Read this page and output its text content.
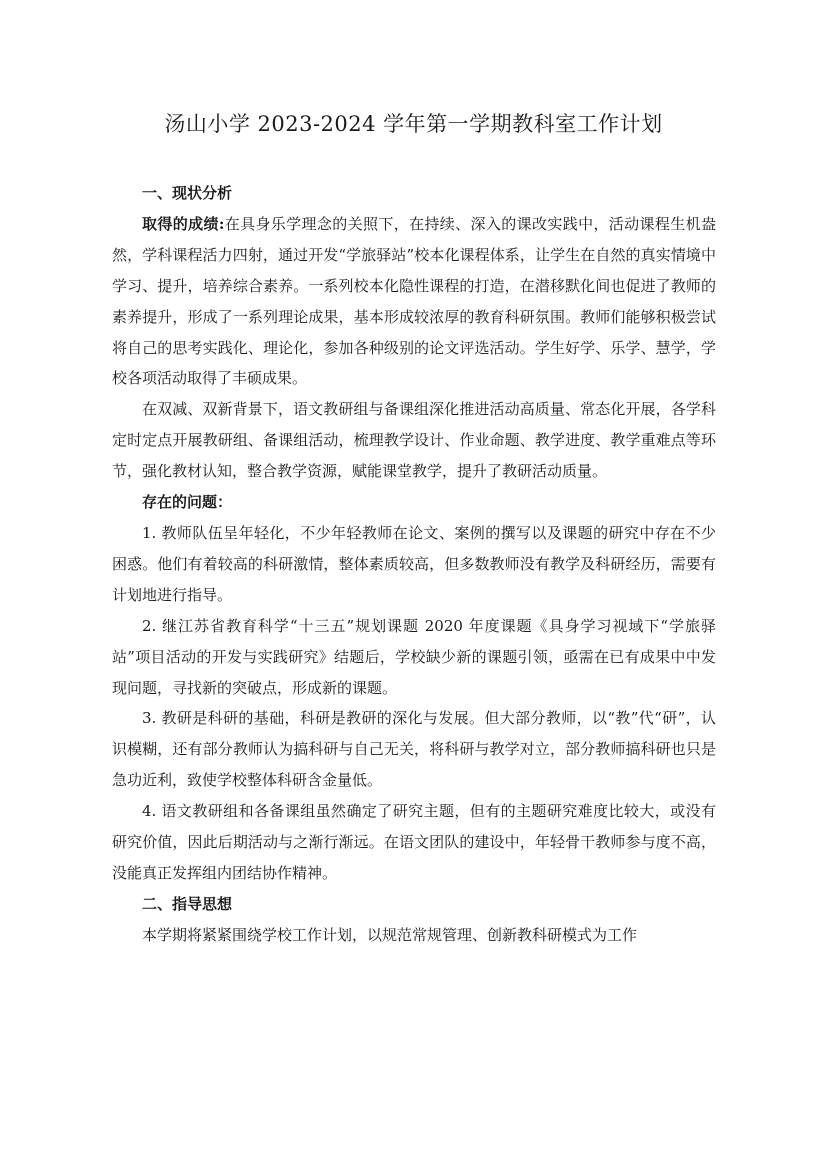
汤山小学 2023-2024 学年第一学期教科室工作计划

一、现状分析

取得的成绩:在具身乐学理念的关照下，在持续、深入的课改实践中，活动课程生机盎然，学科课程活力四射，通过开发“学旅驿站”校本化课程体系，让学生在自然的真实情境中学习、提升，培养综合素养。一系列校本化隐性课程的打造，在潜移默化间也促进了教师的素养提升，形成了一系列理论成果，基本形成较浓厚的教育科研氛围。教师们能够积极尝试将自己的思考实践化、理论化，参加各种级别的论文评选活动。学生好学、乐学、慧学，学校各项活动取得了丰硕成果。

在双减、双新背景下，语文教研组与备课组深化推进活动高质量、常态化开展，各学科定时定点开展教研组、备课组活动，梳理教学设计、作业命题、教学进度、教学重难点等环节，强化教材认知，整合教学资源，赋能课堂教学，提升了教研活动质量。

存在的问题：

1. 教师队伍呈年轻化，不少年轻教师在论文、案例的撰写以及课题的研究中存在不少困惑。他们有着较高的科研激情，整体素质较高，但多数教师没有教学及科研经历，需要有计划地进行指导。

2. 继江苏省教育科学“十三五”规划课题 2020 年度课题《具身学习视域下“学旅驿站”项目活动的开发与实践研究》结题后，学校缺少新的课题引领，亟需在已有成果中中发现问题，寻找新的突破点，形成新的课题。

3. 教研是科研的基础，科研是教研的深化与发展。但大部分教师，以“教”代“研”，认识模糊，还有部分教师认为搞科研与自己无关，将科研与教学对立，部分教师搞科研也只是急功近利，致使学校整体科研含金量低。

4. 语文教研组和各备课组虽然确定了研究主题，但有的主题研究难度比较大，或没有研究价值，因此后期活动与之渐行渐远。在语文团队的建设中，年轻骨干教师参与度不高，没能真正发挥组内团结协作精神。

二、指导思想

本学期将紧紧围绕学校工作计划，以规范常规管理、创新教科研模式为工作
